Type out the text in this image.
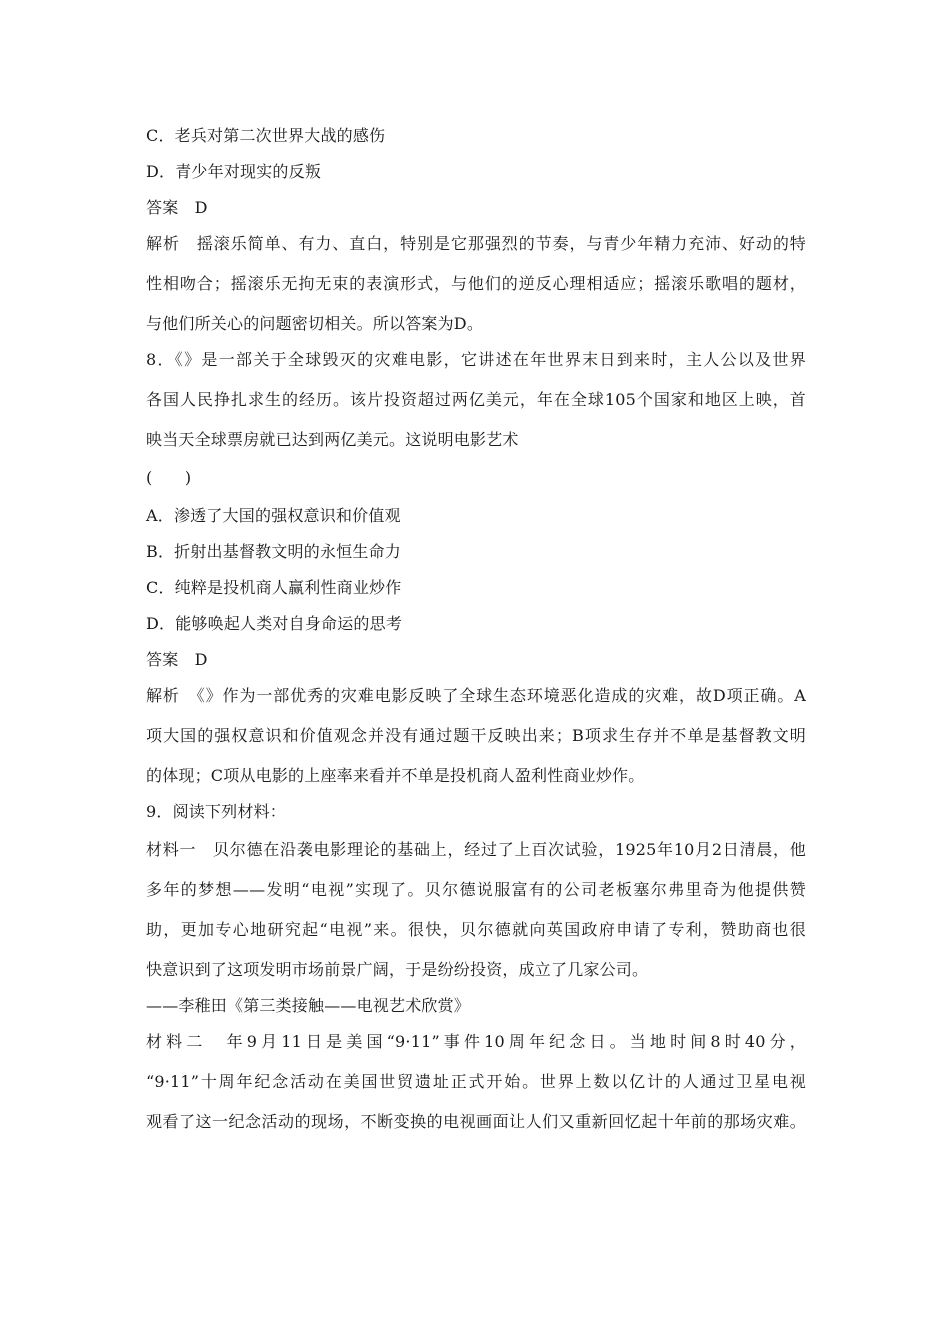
C．老兵对第二次世界大战的感伤
D．青少年对现实的反叛
答案　D
解析　摇滚乐简单、有力、直白，特别是它那强烈的节奏，与青少年精力充沛、好动的特
性相吻合；摇滚乐无拘无束的表演形式，与他们的逆反心理相适应；摇滚乐歌唱的题材，
与他们所关心的问题密切相关。所以答案为D。
8．《》是一部关于全球毁灭的灾难电影，它讲述在年世界末日到来时，主人公以及世界
各国人民挣扎求生的经历。该片投资超过两亿美元，年在全球105个国家和地区上映，首
映当天全球票房就已达到两亿美元。这说明电影艺术
(　　)
A．渗透了大国的强权意识和价值观
B．折射出基督教文明的永恒生命力
C．纯粹是投机商人赢利性商业炒作
D．能够唤起人类对自身命运的思考
答案　D
解析　《》作为一部优秀的灾难电影反映了全球生态环境恶化造成的灾难，故D项正确。A
项大国的强权意识和价值观念并没有通过题干反映出来；B项求生存并不单是基督教文明
的体现；C项从电影的上座率来看并不单是投机商人盈利性商业炒作。
9．阅读下列材料：
材料一　贝尔德在沿袭电影理论的基础上，经过了上百次试验，1925年10月2日清晨，他
多年的梦想——发明“电视”实现了。贝尔德说服富有的公司老板塞尔弗里奇为他提供赞
助，更加专心地研究起“电视”来。很快，贝尔德就向英国政府申请了专利，赞助商也很
快意识到了这项发明市场前景广阔，于是纷纷投资，成立了几家公司。
——李稚田《第三类接触——电视艺术欣赏》
材料二　年9月11日是美国“9·11”事件10周年纪念日。当地时间8时40分，
“9·11”十周年纪念活动在美国世贸遗址正式开始。世界上数以亿计的人通过卫星电视
观看了这一纪念活动的现场，不断变换的电视画面让人们又重新回忆起十年前的那场灾难。
